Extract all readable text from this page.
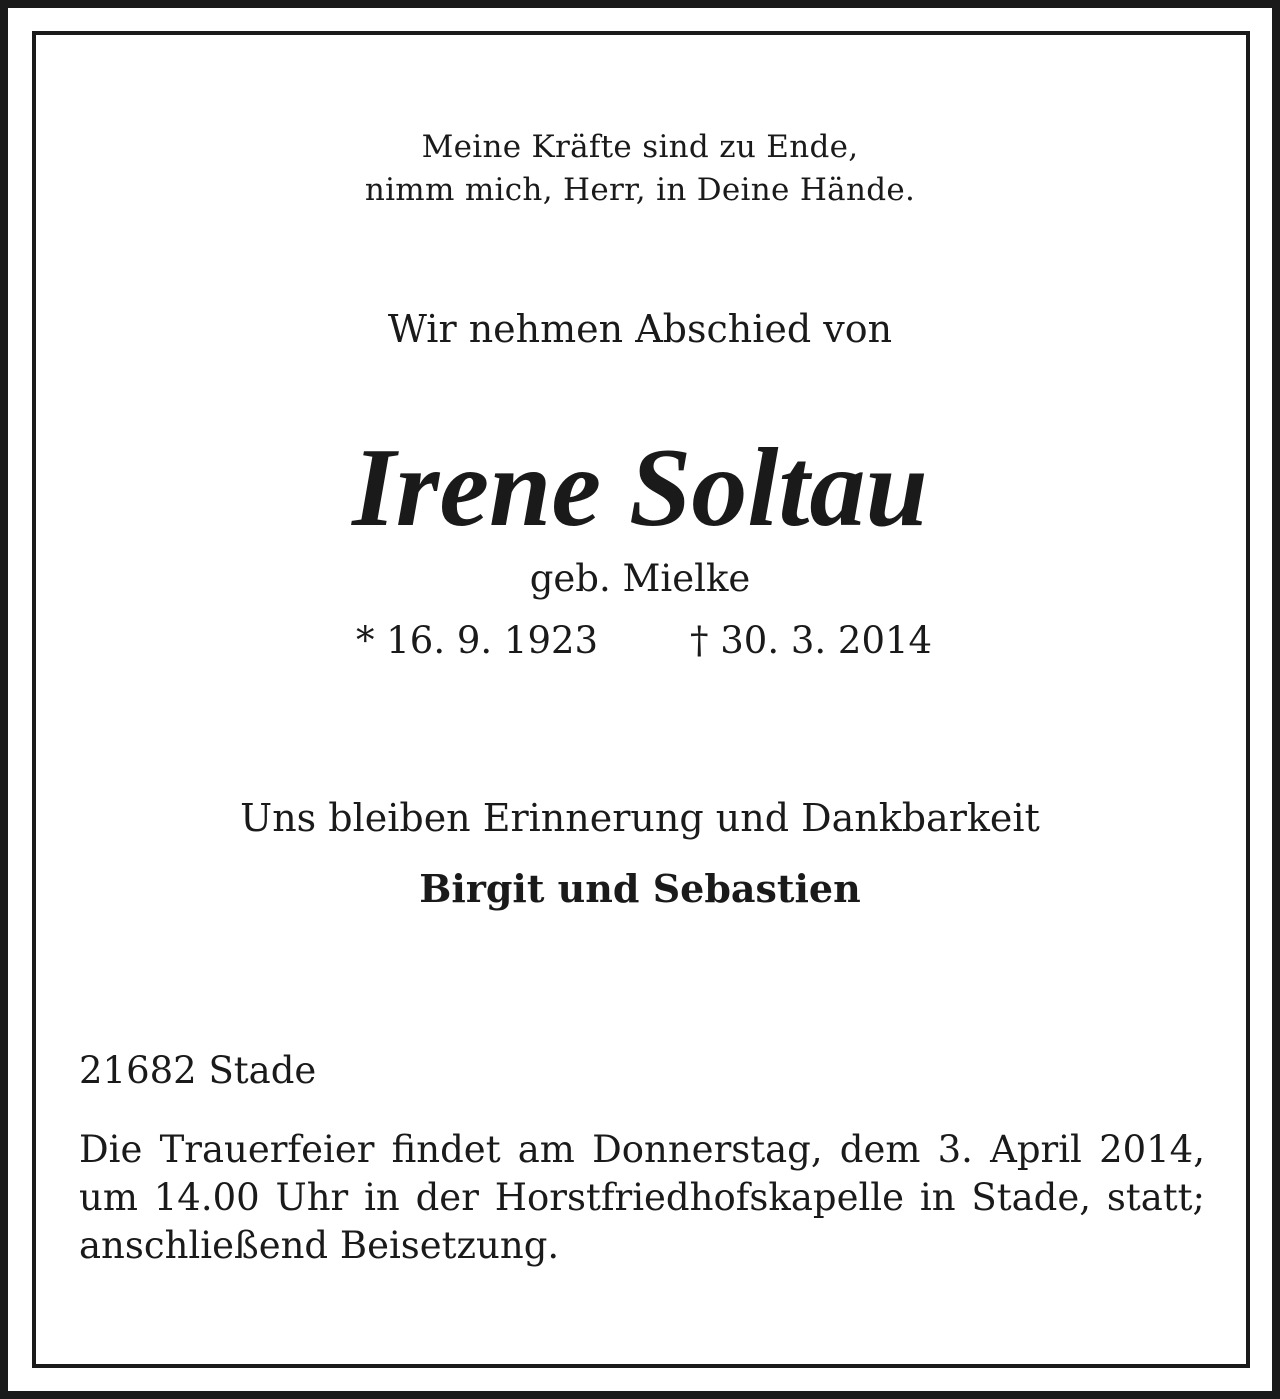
Meine Kräfte sind zu Ende,
nimm mich, Herr, in Deine Hände.
Wir nehmen Abschied von
Irene Soltau
geb. Mielke
* 16. 9. 1923 † 30. 3. 2014
Uns bleiben Erinnerung und Dankbarkeit
Birgit und Sebastien
21682 Stade

Die Trauerfeier findet am Donnerstag, dem 3. April 2014, um 14.00 Uhr in der Horstfriedhofskapelle in Stade, statt; anschließend Beisetzung.
